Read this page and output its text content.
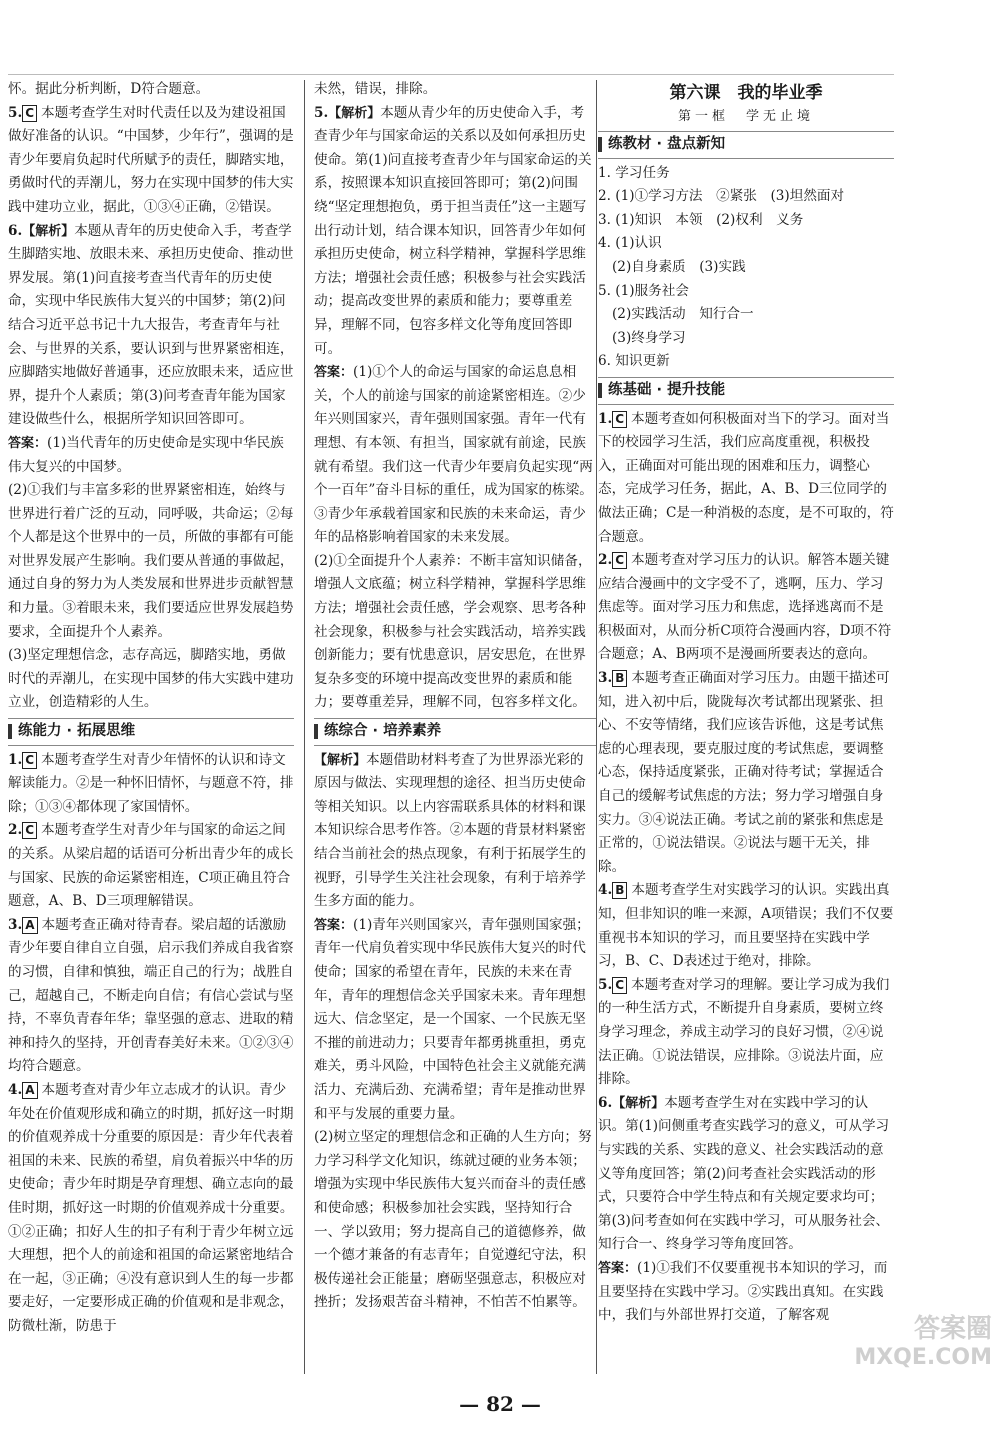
怀。据此分析判断，D符合题意。
5. C 本题考查学生对时代责任以及为建设祖国做好准备的认识。“中国梦，少年行”，强调的是青少年要肩负起时代所赋予的责任，脚踏实地，勇做时代的弄潮儿，努力在实现中国梦的伟大实践中建功立业，据此，①③④正确，②错误。
6.【解析】本题从青年的历史使命入手，考查学生脚踏实地、放眼未来、承担历史使命、推动世界发展。第(1)问直接考查当代青年的历史使命，实现中华民族伟大复兴的中国梦；第(2)问结合习近平总书记十九大报告，考查青年与社会、与世界的关系，要认识到与世界紧密相连，应脚踏实地做好普通事，还应放眼未来，适应世界，提升个人素质；第(3)问考查青年能为国家建设做些什么，根据所学知识回答即可。
答案：(1)当代青年的历史使命是实现中华民族伟大复兴的中国梦。
(2)①我们与丰富多彩的世界紧密相连，始终与世界进行着广泛的互动，同呼吸，共命运；②每个人都是这个世界中的一员，所做的事都有可能对世界发展产生影响。我们要从普通的事做起，通过自身的努力为人类发展和世界进步贡献智慧和力量。③着眼未来，我们要适应世界发展趋势要求，全面提升个人素养。
(3)坚定理想信念，志存高远，脚踏实地，勇做时代的弄潮儿，在实现中国梦的伟大实践中建功立业，创造精彩的人生。
练能力 · 拓展思维
1. C 本题考查学生对青少年情怀的认识和诗文解读能力。②是一种怀旧情怀，与题意不符，排除；①③④都体现了家国情怀。
2. C 本题考查学生对青少年与国家的命运之间的关系。从梁启超的话语可分析出青少年的成长与国家、民族的命运紧密相连，C项正确且符合题意，A、B、D三项理解错误。
3. A 本题考查正确对待青春。梁启超的话激励青少年要自律自立自强，启示我们养成自我省察的习惯，自律和慎独，端正自己的行为；战胜自己，超越自己，不断走向自信；有信心尝试与坚持，不辜负青春年华；靠坚强的意志、进取的精神和持久的坚持，开创青春美好未来。①②③④均符合题意。
4. A 本题考查对青少年立志成才的认识。青少年处在价值观形成和确立的时期，抓好这一时期的价值观养成十分重要的原因是：青少年代表着祖国的未来、民族的希望，肩负着振兴中华的历史使命；青少年时期是孕育理想、确立志向的最佳时期，抓好这一时期的价值观养成十分重要。①②正确；扣好人生的扣子有利于青少年树立远大理想，把个人的前途和祖国的命运紧密地结合在一起，③正确；④没有意识到人生的每一步都要走好，一定要形成正确的价值观和是非观念，防微杜渐，防患于
未然，错误，排除。
5.【解析】本题从青少年的历史使命入手，考查青少年与国家命运的关系以及如何承担历史使命。第(1)问直接考查青少年与国家命运的关系，按照课本知识直接回答即可；第(2)问围绕“坚定理想抱负，勇于担当责任”这一主题写出行动计划，结合课本知识，回答青少年如何承担历史使命，树立科学精神，掌握科学思维方法；增强社会责任感；积极参与社会实践活动；提高改变世界的素质和能力；要尊重差异，理解不同，包容多样文化等角度回答即可。
答案：(1)①个人的命运与国家的命运息息相关，个人的前途与国家的前途紧密相连。②少年兴则国家兴，青年强则国家强。青年一代有理想、有本领、有担当，国家就有前途，民族就有希望。我们这一代青少年要肩负起实现“两个一百年”奋斗目标的重任，成为国家的栋梁。③青少年承载着国家和民族的未来命运，青少年的品格影响着国家的未来发展。
(2)①全面提升个人素养：不断丰富知识储备，增强人文底蕴；树立科学精神，掌握科学思维方法；增强社会责任感，学会观察、思考各种社会现象，积极参与社会实践活动，培养实践创新能力；要有忧患意识，居安思危，在世界复杂多变的环境中提高改变世界的素质和能力；要尊重差异，理解不同，包容多样文化。
练综合 · 培养素养
【解析】本题借助材料考查了为世界添光彩的原因与做法、实现理想的途径、担当历史使命等相关知识。以上内容需联系具体的材料和课本知识综合思考作答。②本题的背景材料紧密结合当前社会的热点现象，有利于拓展学生的视野，引导学生关注社会现象，有利于培养学生多方面的能力。
答案：(1)青年兴则国家兴，青年强则国家强；青年一代肩负着实现中华民族伟大复兴的时代使命；国家的希望在青年，民族的未来在青年，青年的理想信念关乎国家未来。青年理想远大、信念坚定，是一个国家、一个民族无坚不摧的前进动力；只要青年都勇挑重担，勇克难关，勇斗风险，中国特色社会主义就能充满活力、充满后劲、充满希望；青年是推动世界和平与发展的重要力量。
(2)树立坚定的理想信念和正确的人生方向；努力学习科学文化知识，练就过硬的业务本领；增强为实现中华民族伟大复兴而奋斗的责任感和使命感；积极参加社会实践，坚持知行合一、学以致用；努力提高自己的道德修养，做一个德才兼备的有志青年；自觉遵纪守法，积极传递社会正能量；磨砺坚强意志，积极应对挫折；发扬艰苦奋斗精神，不怕苦不怕累等。
第六课　我的毕业季
第一框　学无止境
练教材 · 盘点新知
1. 学习任务
2. (1)①学习方法　②紧张　(3)坦然面对
3. (1)知识　本领　(2)权利　义务
4. (1)认识
(2)自身素质　(3)实践
5. (1)服务社会
(2)实践活动　知行合一
(3)终身学习
6. 知识更新
练基础 · 提升技能
1. C 本题考查如何积极面对当下的学习。面对当下的校园学习生活，我们应高度重视，积极投入，正确面对可能出现的困难和压力，调整心态，完成学习任务，据此，A、B、D三位同学的做法正确；C是一种消极的态度，是不可取的，符合题意。
2. C 本题考查对学习压力的认识。解答本题关键应结合漫画中的文字受不了，逃啊，压力、学习焦虑等。面对学习压力和焦虑，选择逃离而不是积极面对，从而分析C项符合漫画内容，D项不符合题意；A、B两项不是漫画所要表达的意向。
3. B 本题考查正确面对学习压力。由题干描述可知，进入初中后，陇陇每次考试都出现紧张、担心、不安等情绪，我们应该告诉他，这是考试焦虑的心理表现，要克服过度的考试焦虑，要调整心态，保持适度紧张，正确对待考试；掌握适合自己的缓解考试焦虑的方法；努力学习增强自身实力。③④说法正确。考试之前的紧张和焦虑是正常的，①说法错误。②说法与题干无关，排除。
4. B 本题考查学生对实践学习的认识。实践出真知，但非知识的唯一来源，A项错误；我们不仅要重视书本知识的学习，而且要坚持在实践中学习，B、C、D表述过于绝对，排除。
5. C 本题考查对学习的理解。要让学习成为我们的一种生活方式，不断提升自身素质，要树立终身学习理念，养成主动学习的良好习惯，②④说法正确。①说法错误，应排除。③说法片面，应排除。
6.【解析】本题考查学生对在实践中学习的认识。第(1)问侧重考查实践学习的意义，可从学习与实践的关系、实践的意义、社会实践活动的意义等角度回答；第(2)问考查社会实践活动的形式，只要符合中学生特点和有关规定要求均可；第(3)问考查如何在实践中学习，可从服务社会、知行合一、终身学习等角度回答。
答案：(1)①我们不仅要重视书本知识的学习，而且要坚持在实践中学习。②实践出真知。在实践中，我们与外部世界打交道，了解客观
— 82 —
答案圈
MXQE.COM
